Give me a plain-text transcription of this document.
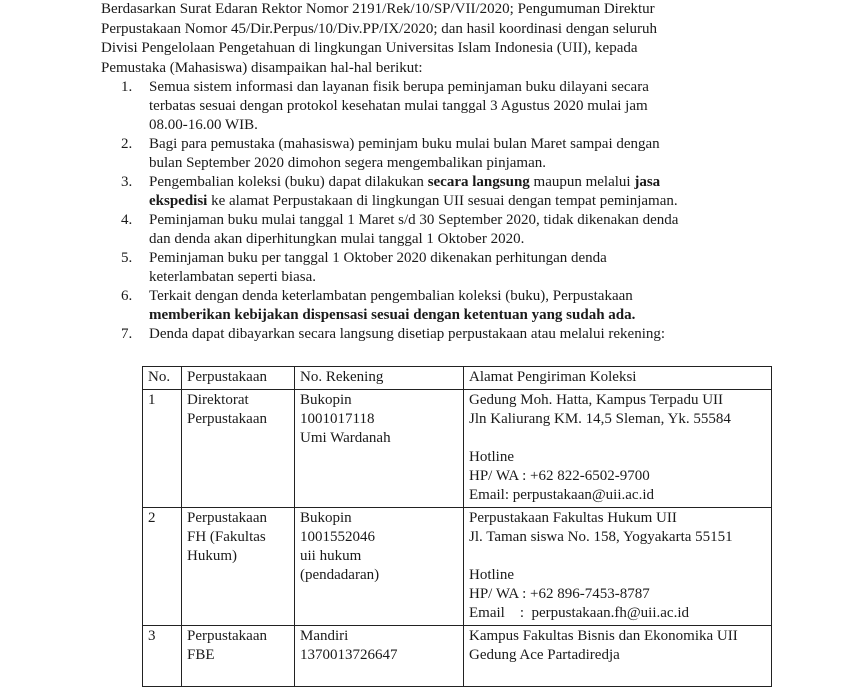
Berdasarkan Surat Edaran Rektor Nomor 2191/Rek/10/SP/VII/2020; Pengumuman Direktur
Perpustakaan Nomor 45/Dir.Perpus/10/Div.PP/IX/2020; dan hasil koordinasi dengan seluruh
Divisi Pengelolaan Pengetahuan di lingkungan Universitas Islam Indonesia (UII), kepada
Pemustaka (Mahasiswa) disampaikan hal-hal berikut:
1. Semua sistem informasi dan layanan fisik berupa peminjaman buku dilayani secara
terbatas sesuai dengan protokol kesehatan mulai tanggal 3 Agustus 2020 mulai jam
08.00-16.00 WIB.
2. Bagi para pemustaka (mahasiswa) peminjam buku mulai bulan Maret sampai dengan
bulan September 2020 dimohon segera mengembalikan pinjaman.
3. Pengembalian koleksi (buku) dapat dilakukan secara langsung maupun melalui jasa
ekspedisi ke alamat Perpustakaan di lingkungan UII sesuai dengan tempat peminjaman.
4. Peminjaman buku mulai tanggal 1 Maret s/d 30 September 2020, tidak dikenakan denda
dan denda akan diperhitungkan mulai tanggal 1 Oktober 2020.
5. Peminjaman buku per tanggal 1 Oktober 2020 dikenakan perhitungan denda
keterlambatan seperti biasa.
6. Terkait dengan denda keterlambatan pengembalian koleksi (buku), Perpustakaan
memberikan kebijakan dispensasi sesuai dengan ketentuan yang sudah ada.
7. Denda dapat dibayarkan secara langsung disetiap perpustakaan atau melalui rekening:
No.	Perpustakaan	No. Rekening	Alamat Pengiriman Koleksi
1	Direktorat
Perpustakaan	Bukopin
1001017118
Umi Wardanah	Gedung Moh. Hatta, Kampus Terpadu UII
Jln Kaliurang KM. 14,5 Sleman, Yk. 55584
Hotline
HP/ WA : +62 822-6502-9700
Email: perpustakaan@uii.ac.id

2	Perpustakaan
FH (Fakultas
Hukum)	Bukopin
1001552046
uii hukum
(pendadaran)	Perpustakaan Fakultas Hukum UII
Jl. Taman siswa No. 158, Yogyakarta 55151
Hotline
HP/ WA : +62 896-7453-8787
Email    :  perpustakaan.fh@uii.ac.id

3	Perpustakaan
FBE	Mandiri
1370013726647	Kampus Fakultas Bisnis dan Ekonomika UII
Gedung Ace Partadiredja
